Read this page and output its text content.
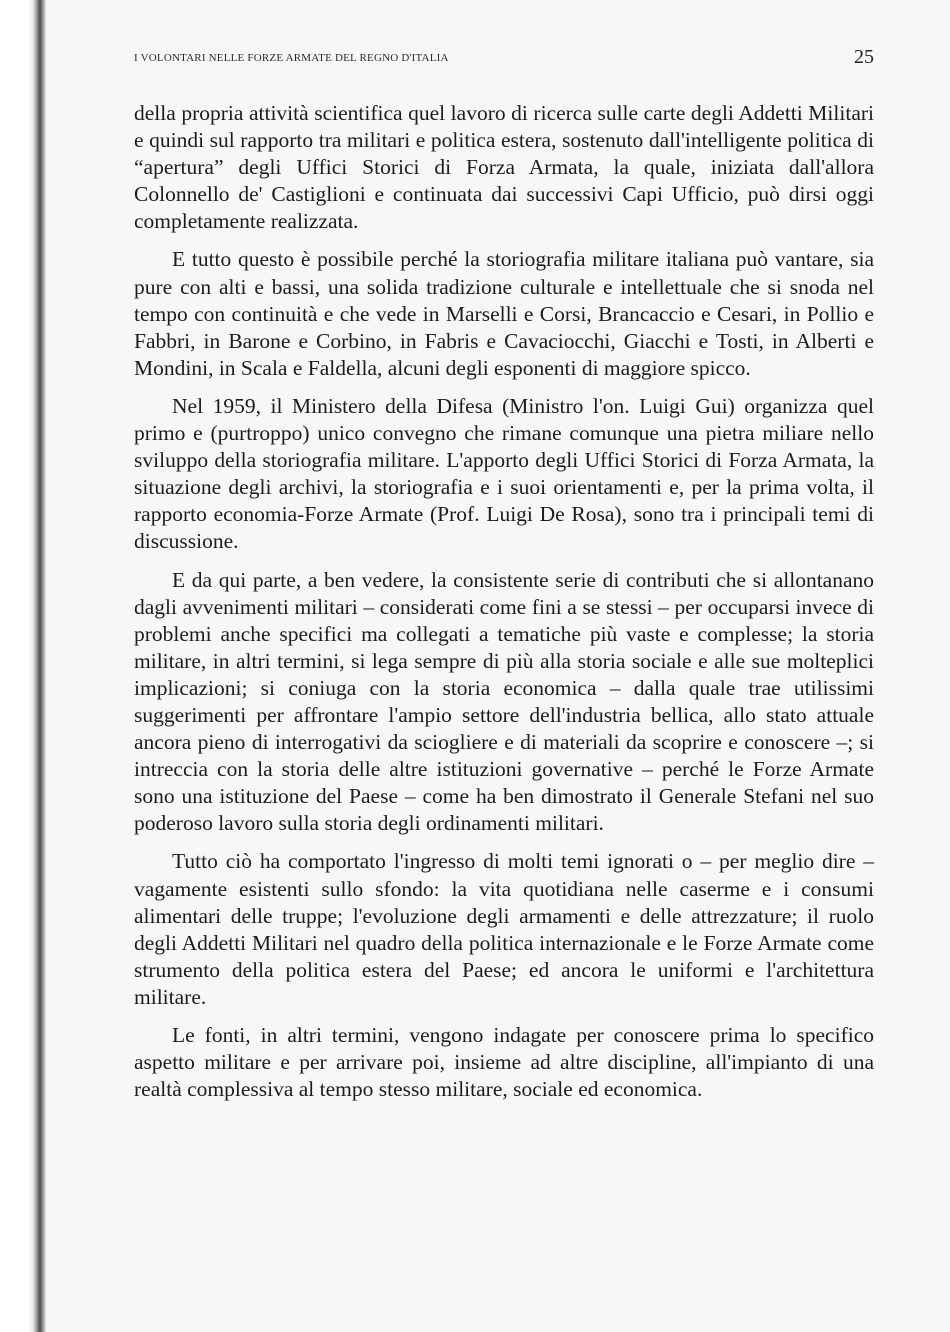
I VOLONTARI NELLE FORZE ARMATE DEL REGNO D'ITALIA	25

della propria attività scientifica quel lavoro di ricerca sulle carte degli Addetti Militari e quindi sul rapporto tra militari e politica estera, sostenuto dall'intelligente politica di “apertura” degli Uffici Storici di Forza Armata, la quale, iniziata dall'allora Colonnello de' Castiglioni e continuata dai successivi Capi Ufficio, può dirsi oggi completamente realizzata.

E tutto questo è possibile perché la storiografia militare italiana può vantare, sia pure con alti e bassi, una solida tradizione culturale e intellettuale che si snoda nel tempo con continuità e che vede in Marselli e Corsi, Brancaccio e Cesari, in Pollio e Fabbri, in Barone e Corbino, in Fabris e Cavaciocchi, Giacchi e Tosti, in Alberti e Mondini, in Scala e Faldella, alcuni degli esponenti di maggiore spicco.

Nel 1959, il Ministero della Difesa (Ministro l'on. Luigi Gui) organizza quel primo e (purtroppo) unico convegno che rimane comunque una pietra miliare nello sviluppo della storiografia militare. L'apporto degli Uffici Storici di Forza Armata, la situazione degli archivi, la storiografia e i suoi orientamenti e, per la prima volta, il rapporto economia-Forze Armate (Prof. Luigi De Rosa), sono tra i principali temi di discussione.

E da qui parte, a ben vedere, la consistente serie di contributi che si allontanano dagli avvenimenti militari – considerati come fini a se stessi – per occuparsi invece di problemi anche specifici ma collegati a tematiche più vaste e complesse; la storia militare, in altri termini, si lega sempre di più alla storia sociale e alle sue molteplici implicazioni; si coniuga con la storia economica – dalla quale trae utilissimi suggerimenti per affrontare l'ampio settore dell'industria bellica, allo stato attuale ancora pieno di interrogativi da sciogliere e di materiali da scoprire e conoscere –; si intreccia con la storia delle altre istituzioni governative – perché le Forze Armate sono una istituzione del Paese – come ha ben dimostrato il Generale Stefani nel suo poderoso lavoro sulla storia degli ordinamenti militari.

Tutto ciò ha comportato l'ingresso di molti temi ignorati o – per meglio dire – vagamente esistenti sullo sfondo: la vita quotidiana nelle caserme e i consumi alimentari delle truppe; l'evoluzione degli armamenti e delle attrezzature; il ruolo degli Addetti Militari nel quadro della politica internazionale e le Forze Armate come strumento della politica estera del Paese; ed ancora le uniformi e l'architettura militare.

Le fonti, in altri termini, vengono indagate per conoscere prima lo specifico aspetto militare e per arrivare poi, insieme ad altre discipline, all'impianto di una realtà complessiva al tempo stesso militare, sociale ed economica.
